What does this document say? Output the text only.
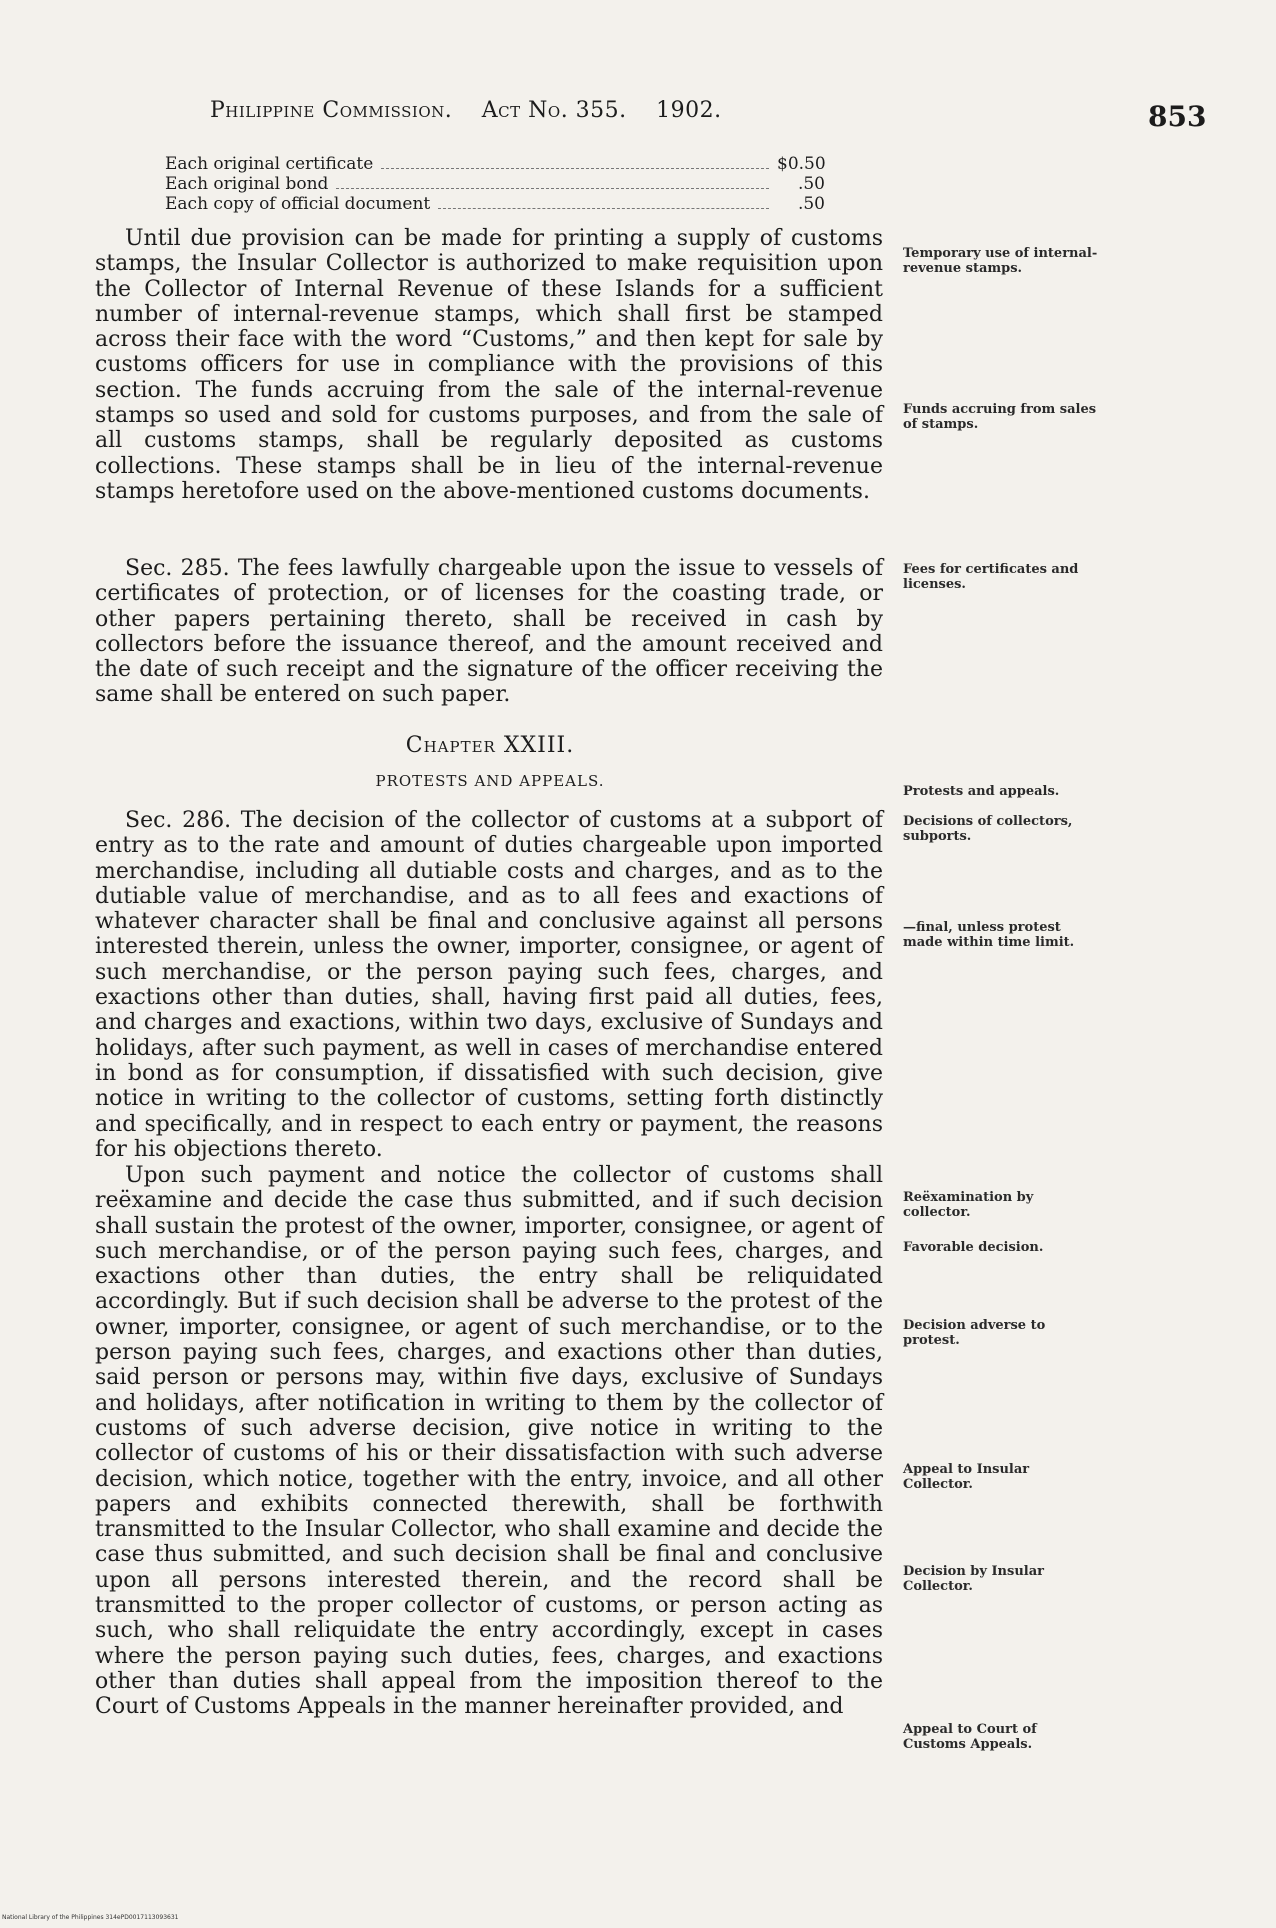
Philippine Commission. Act No. 355. 1902.	853
Each original certificate	$0.50
Each original bond	.50
Each copy of official document	.50

Until due provision can be made for printing a supply of customs stamps, the Insular Collector is authorized to make requisition upon the Collector of Internal Revenue of these Islands for a sufficient number of internal-revenue stamps, which shall first be stamped across their face with the word “Customs,” and then kept for sale by customs officers for use in compliance with the provisions of this section. The funds accruing from the sale of the internal-revenue stamps so used and sold for customs purposes, and from the sale of all customs stamps, shall be regularly deposited as customs collections. These stamps shall be in lieu of the internal-revenue stamps heretofore used on the above-mentioned customs documents.

Sec. 285. The fees lawfully chargeable upon the issue to vessels of certificates of protection, or of licenses for the coasting trade, or other papers pertaining thereto, shall be received in cash by collectors before the issuance thereof, and the amount received and the date of such receipt and the signature of the officer receiving the same shall be entered on such paper.

Chapter XXIII.
PROTESTS AND APPEALS.

Sec. 286. The decision of the collector of customs at a subport of entry as to the rate and amount of duties chargeable upon imported merchandise, including all dutiable costs and charges, and as to the dutiable value of merchandise, and as to all fees and exactions of whatever character shall be final and conclusive against all persons interested therein, unless the owner, importer, consignee, or agent of such merchandise, or the person paying such fees, charges, and exactions other than duties, shall, having first paid all duties, fees, and charges and exactions, within two days, exclusive of Sundays and holidays, after such payment, as well in cases of merchandise entered in bond as for consumption, if dissatisfied with such decision, give notice in writing to the collector of customs, setting forth distinctly and specifically, and in respect to each entry or payment, the reasons for his objections thereto.

Upon such payment and notice the collector of customs shall reëxamine and decide the case thus submitted, and if such decision shall sustain the protest of the owner, importer, consignee, or agent of such merchandise, or of the person paying such fees, charges, and exactions other than duties, the entry shall be reliquidated accordingly. But if such decision shall be adverse to the protest of the owner, importer, consignee, or agent of such merchandise, or to the person paying such fees, charges, and exactions other than duties, said person or persons may, within five days, exclusive of Sundays and holidays, after notification in writing to them by the collector of customs of such adverse decision, give notice in writing to the collector of customs of his or their dissatisfaction with such adverse decision, which notice, together with the entry, invoice, and all other papers and exhibits connected therewith, shall be forthwith transmitted to the Insular Collector, who shall examine and decide the case thus submitted, and such decision shall be final and conclusive upon all persons interested therein, and the record shall be transmitted to the proper collector of customs, or person acting as such, who shall reliquidate the entry accordingly, except in cases where the person paying such duties, fees, charges, and exactions other than duties shall appeal from the imposition thereof to the Court of Customs Appeals in the manner hereinafter provided, and

Temporary use of internal-revenue stamps.
Funds accruing from sales of stamps.
Fees for certificates and licenses.
Protests and appeals.
Decisions of collectors, subports.
—final, unless protest made within time limit.
Reëxamination by collector.
Favorable decision.
Decision adverse to protest.
Appeal to Insular Collector.
Decision by Insular Collector.
Appeal to Court of Customs Appeals.
National Library of the Philippines 314ePD0017113093631
